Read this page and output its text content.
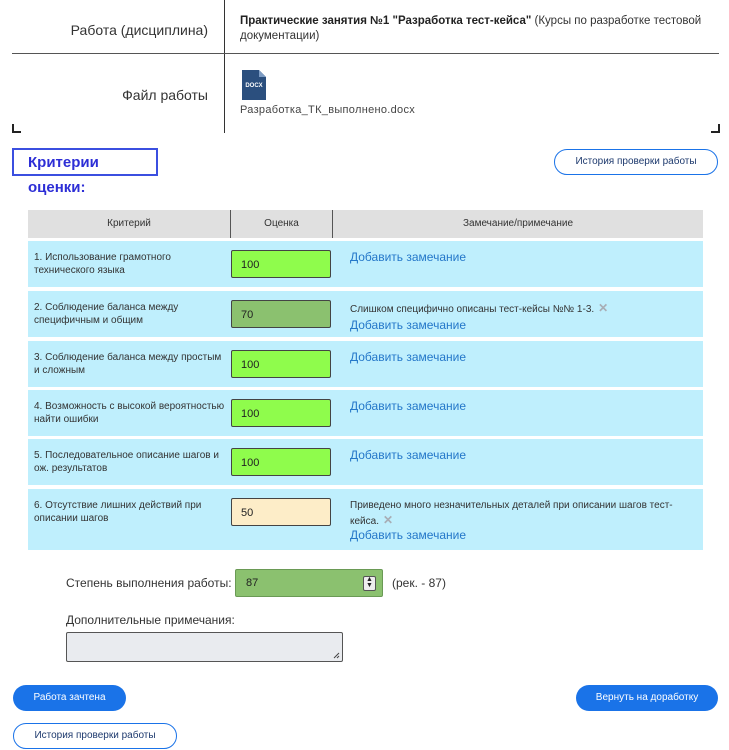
Работа (дисциплина)
Практические занятия №1 "Разработка тест-кейса" (Курсы по разработке тестовой документации)
Файл работы
DOCX
Разработка_ТК_выполнено.docx
Критерии оценки:
История проверки работы
Критерий	Оценка	Замечание/примечание
1. Использование грамотного технического языка	100
Добавить замечание
2. Соблюдение баланса между специфичным и общим	70	Слишком специфично описаны тест-кейсы №№ 1-3. ✕
Добавить замечание
3. Соблюдение баланса между простым и сложным	100
Добавить замечание
4. Возможность с высокой вероятностью найти ошибки	100
Добавить замечание
5. Последовательное описание шагов и ож. результатов	100
Добавить замечание
6. Отсутствие лишних действий при описании шагов	50
Приведено много незначительных деталей при описании шагов тест-кейса. ✕
Добавить замечание
Степень выполнения работы:	87	▲
▼ (рек. - 87)
Дополнительные примечания:
Работа зачтена	Вернуть на доработку
История проверки работы
